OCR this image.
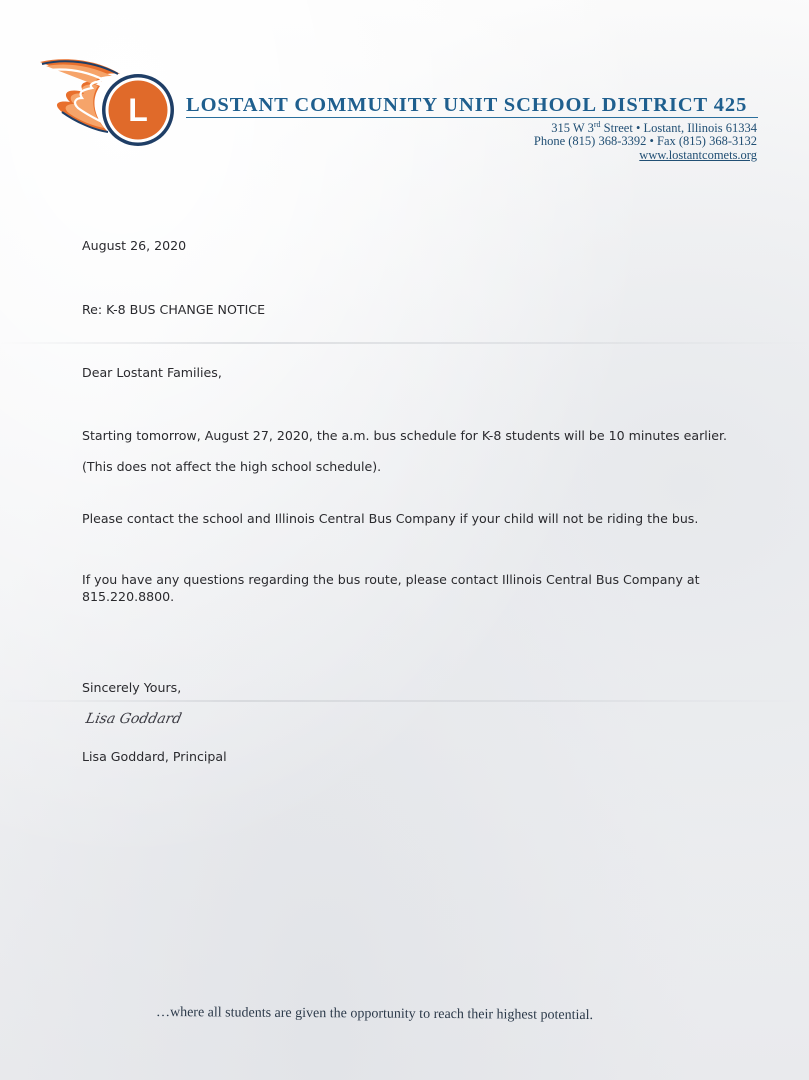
L LOSTANT COMMUNITY UNIT SCHOOL DISTRICT 425
315 W 3rd Street • Lostant, Illinois 61334
Phone (815) 368-3392 • Fax (815) 368-3132
www.lostantcomets.org
August 26, 2020
Re: K-8 BUS CHANGE NOTICE
Dear Lostant Families,
Starting tomorrow, August 27, 2020, the a.m. bus schedule for K-8 students will be 10 minutes earlier.
(This does not affect the high school schedule).
Please contact the school and Illinois Central Bus Company if your child will not be riding the bus.
If you have any questions regarding the bus route, please contact Illinois Central Bus Company at
815.220.8800.
Sincerely Yours,
Lisa Goddard
Lisa Goddard, Principal
…where all students are given the opportunity to reach their highest potential.
